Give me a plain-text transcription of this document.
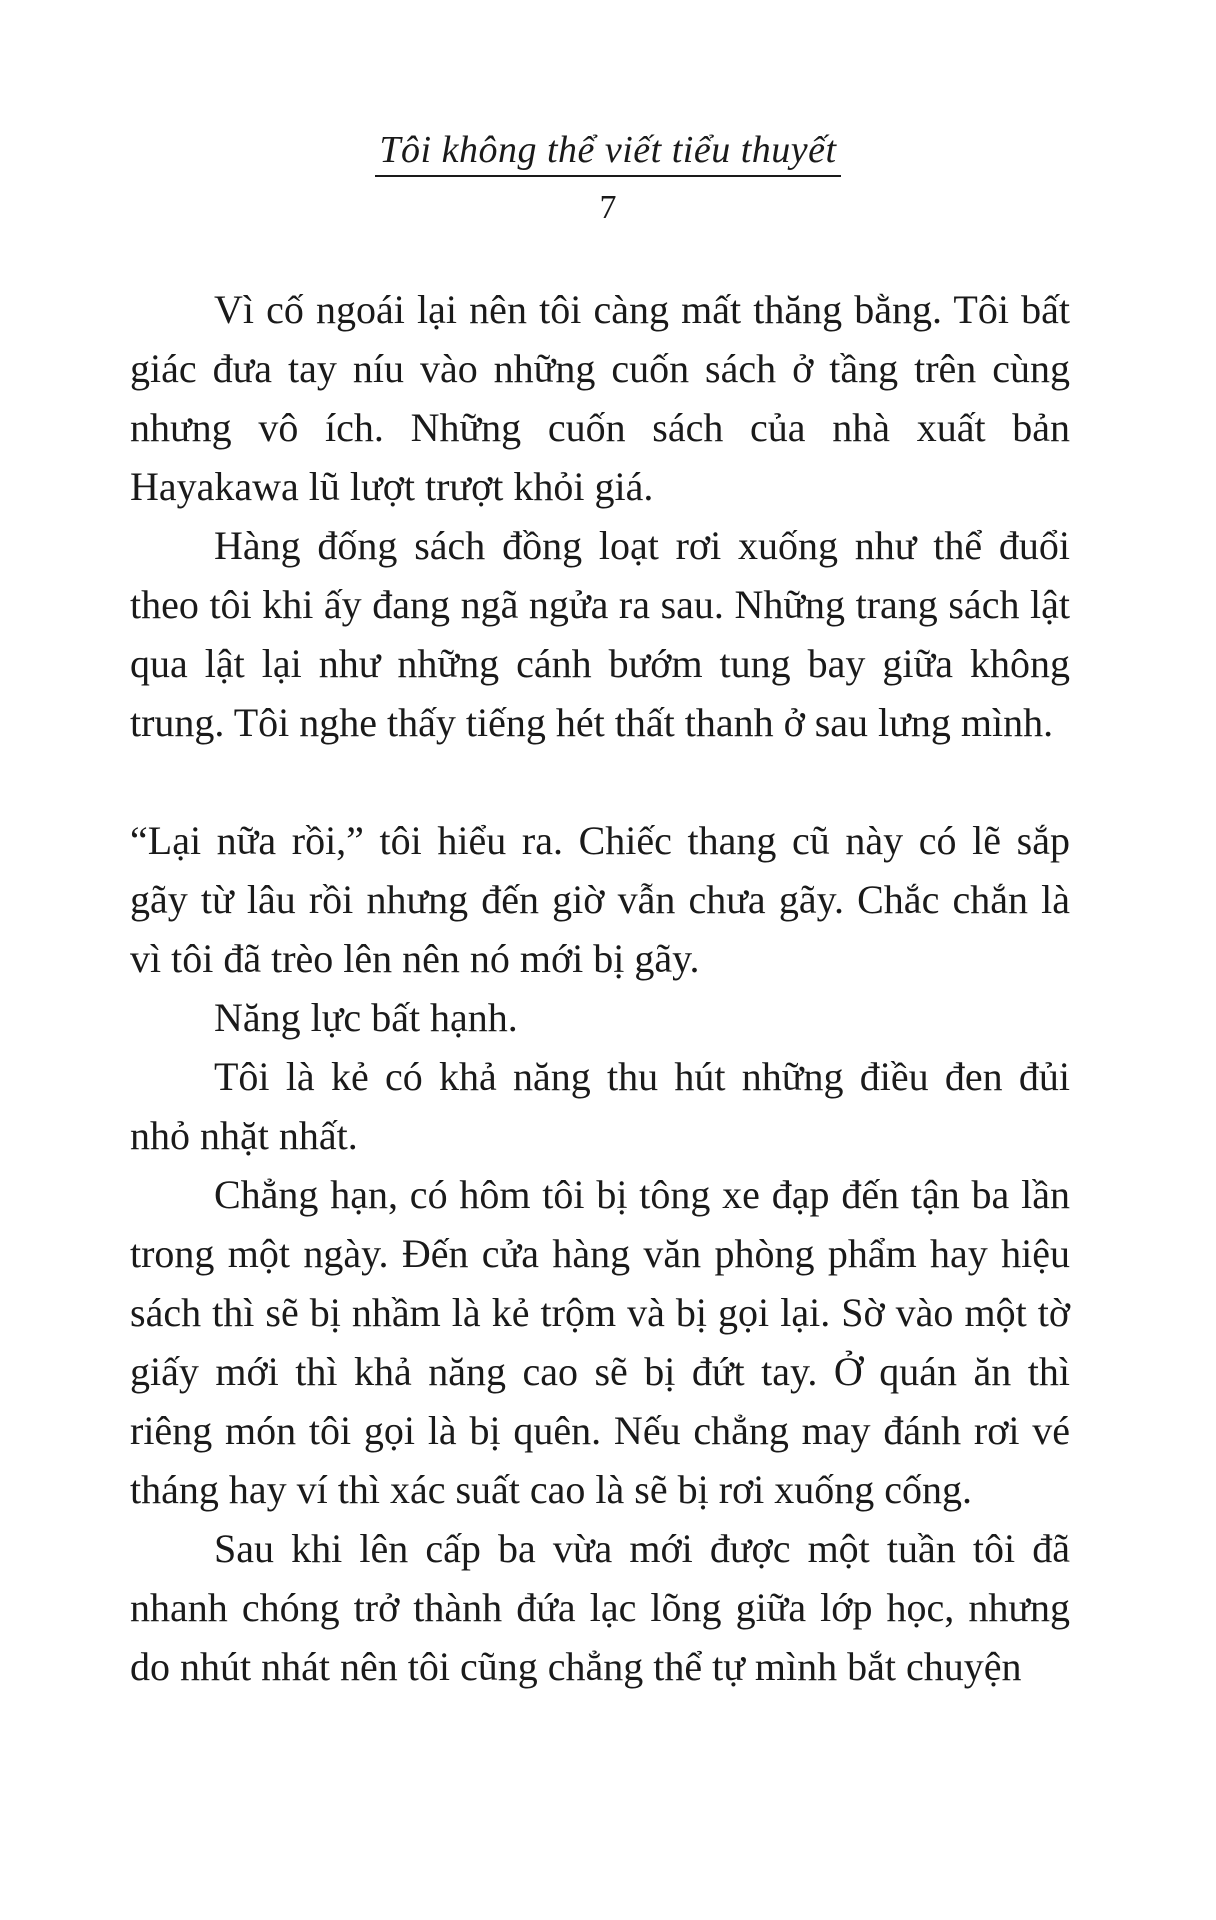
Tôi không thể viết tiểu thuyết
7

Vì cố ngoái lại nên tôi càng mất thăng bằng. Tôi bất giác đưa tay níu vào những cuốn sách ở tầng trên cùng nhưng vô ích. Những cuốn sách của nhà xuất bản Hayakawa lũ lượt trượt khỏi giá.

Hàng đống sách đồng loạt rơi xuống như thể đuổi theo tôi khi ấy đang ngã ngửa ra sau. Những trang sách lật qua lật lại như những cánh bướm tung bay giữa không trung. Tôi nghe thấy tiếng hét thất thanh ở sau lưng mình.

“Lại nữa rồi,” tôi hiểu ra. Chiếc thang cũ này có lẽ sắp gãy từ lâu rồi nhưng đến giờ vẫn chưa gãy. Chắc chắn là vì tôi đã trèo lên nên nó mới bị gãy.

Năng lực bất hạnh.

Tôi là kẻ có khả năng thu hút những điều đen đủi nhỏ nhặt nhất.

Chẳng hạn, có hôm tôi bị tông xe đạp đến tận ba lần trong một ngày. Đến cửa hàng văn phòng phẩm hay hiệu sách thì sẽ bị nhầm là kẻ trộm và bị gọi lại. Sờ vào một tờ giấy mới thì khả năng cao sẽ bị đứt tay. Ở quán ăn thì riêng món tôi gọi là bị quên. Nếu chẳng may đánh rơi vé tháng hay ví thì xác suất cao là sẽ bị rơi xuống cống.

Sau khi lên cấp ba vừa mới được một tuần tôi đã nhanh chóng trở thành đứa lạc lõng giữa lớp học, nhưng do nhút nhát nên tôi cũng chẳng thể tự mình bắt chuyện
